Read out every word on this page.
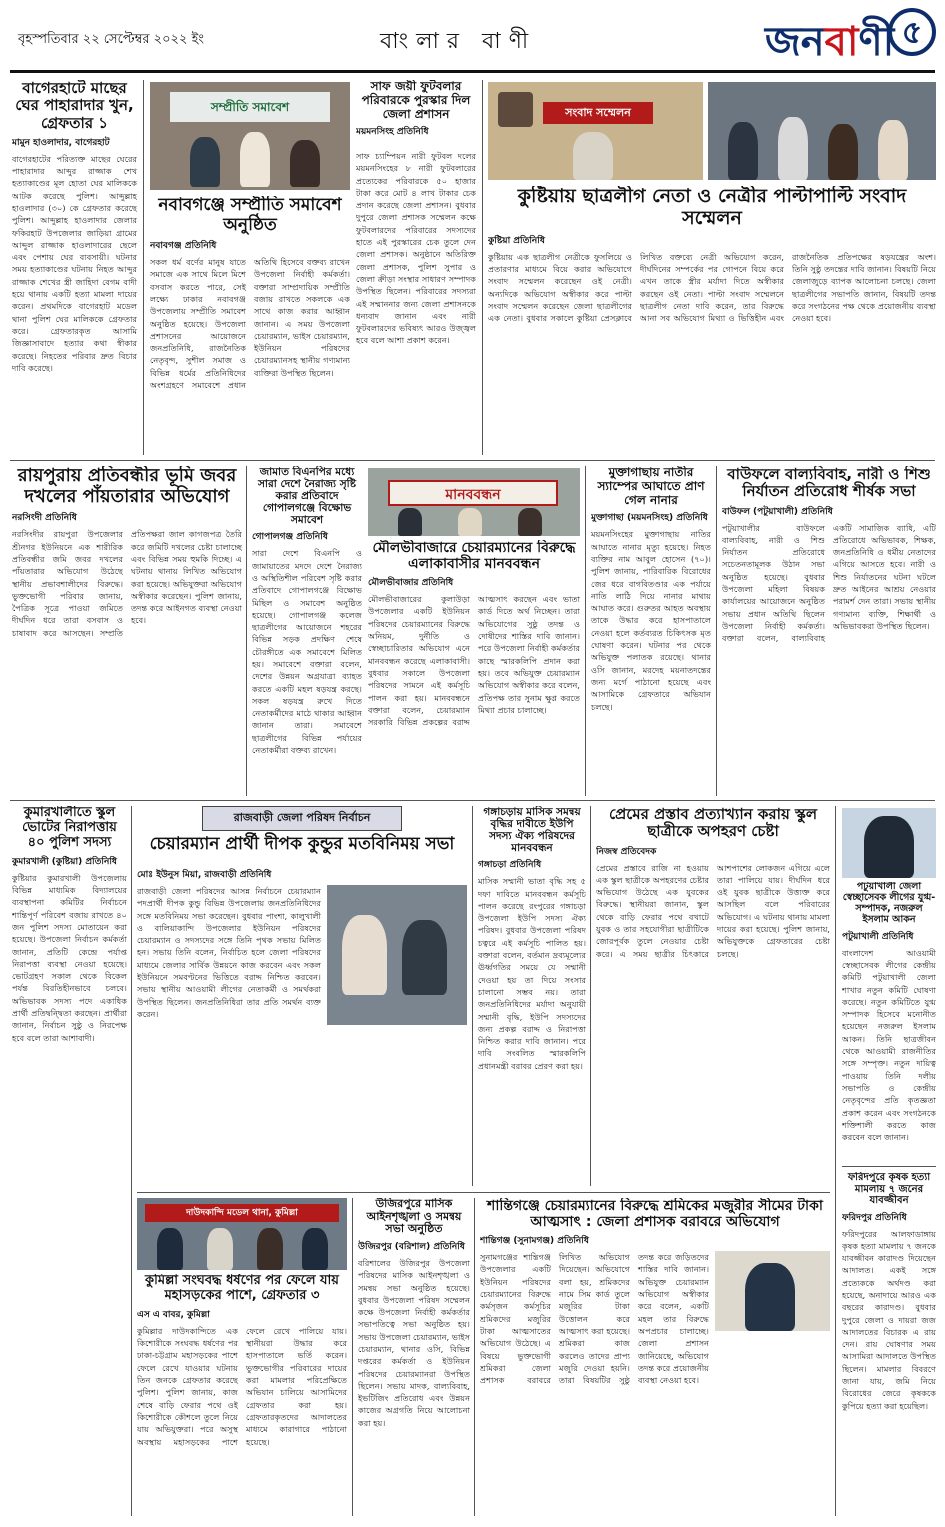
বৃহস্পতিবার ২২ সেপ্টেম্বর ২০২২ ইং	বাংলার বাণী	জনবাণী ৫
বাগেরহাটে মাছের ঘের পাহারাদার খুন, গ্রেফতার ১
মামুন হাওলাদার, বাগেরহাট
বাগেরহাটের পরিত্যক্ত মাছের ঘেরের পাহারাদার আব্দুর রাজ্জাক শেখ হত্যাকাণ্ডের মূল হোতা ঘের মালিককে আটক করেছে পুলিশ। আব্দুল্লাহ হাওলাদার (৩০) কে গ্রেফতার করেছে পুলিশ। আব্দুল্লাহ হাওলাদার জেলার ফকিরহাট উপজেলার জাড়িয়া গ্রামের আব্দুল রাজ্জাক হাওলাদারের ছেলে এবং পেশায় ঘের ব্যবসায়ী। ঘটনার সময় হত্যাকাণ্ডের ঘটনায় নিহত আব্দুর রাজ্জাক শেখের স্ত্রী জাহিদা বেগম বাদী হয়ে থানায় একটি হত্যা মামলা দায়ের করেন। প্রথমদিকে বাগেরহাট মডেল থানা পুলিশ ঘের মালিককে গ্রেফতার করে। গ্রেফতারকৃত আসামি জিজ্ঞাসাবাদে হত্যার কথা স্বীকার করেছে। নিহতের পরিবার দ্রুত বিচার দাবি করেছে।
সম্প্রীতি সমাবেশ
সাফ জয়ী ফুটবলার পরিবারকে পুরস্কার দিল জেলা প্রশাসন
ময়মনসিংহ প্রতিনিধি
সাফ চ্যাম্পিয়ন নারী ফুটবল দলের ময়মনসিংহের ৮ নারী ফুটবলারের প্রত্যেকের পরিবারকে ৫০ হাজার টাকা করে মোট ৪ লাখ টাকার চেক প্রদান করেছে জেলা প্রশাসন। বুধবার দুপুরে জেলা প্রশাসক সম্মেলন কক্ষে ফুটবলারদের পরিবারের সদস্যদের হাতে এই পুরস্কারের চেক তুলে দেন জেলা প্রশাসক। অনুষ্ঠানে অতিরিক্ত জেলা প্রশাসক, পুলিশ সুপার ও জেলা ক্রীড়া সংস্থার সাধারণ সম্পাদক উপস্থিত ছিলেন। পরিবারের সদস্যরা এই সম্মাননার জন্য জেলা প্রশাসনকে ধন্যবাদ জানান এবং নারী ফুটবলারদের ভবিষ্যৎ আরও উজ্জ্বল হবে বলে আশা প্রকাশ করেন।
নবাবগঞ্জে সম্প্রীতি সমাবেশ অনুষ্ঠিত
নবাবগঞ্জ প্রতিনিধি
সকল ধর্ম বর্ণের মানুষ যাতে সমাজে এক সাথে মিলে মিশে বসবাস করতে পারে, সেই লক্ষ্যে ঢাকার নবাবগঞ্জ উপজেলায় সম্প্রীতি সমাবেশ অনুষ্ঠিত হয়েছে। উপজেলা প্রশাসনের আয়োজনে জনপ্রতিনিধি, রাজনৈতিক নেতৃবৃন্দ, সুশীল সমাজ ও বিভিন্ন ধর্মের প্রতিনিধিদের অংশগ্রহণে সমাবেশে প্রধান অতিথি হিসেবে বক্তব্য রাখেন উপজেলা নির্বাহী কর্মকর্তা। বক্তারা সাম্প্রদায়িক সম্প্রীতি বজায় রাখতে সকলকে এক সাথে কাজ করার আহ্বান জানান। এ সময় উপজেলা চেয়ারম্যান, ভাইস চেয়ারম্যান, ইউনিয়ন পরিষদের চেয়ারম্যানসহ স্থানীয় গণ্যমান্য ব্যক্তিরা উপস্থিত ছিলেন।
সংবাদ সম্মেলন
কুষ্টিয়ায় ছাত্রলীগ নেতা ও নেত্রীর পাল্টাপাল্টি সংবাদ সম্মেলন
কুষ্টিয়া প্রতিনিধি
কুষ্টিয়ায় এক ছাত্রলীগ নেত্রীকে ফুসলিয়ে ও প্রতারণার মাধ্যমে বিয়ে করার অভিযোগে সংবাদ সম্মেলন করেছেন ওই নেত্রী। অন্যদিকে অভিযোগ অস্বীকার করে পাল্টা সংবাদ সম্মেলন করেছেন জেলা ছাত্রলীগের এক নেতা। বুধবার সকালে কুষ্টিয়া প্রেসক্লাবে লিখিত বক্তব্যে নেত্রী অভিযোগ করেন, দীর্ঘদিনের সম্পর্কের পর গোপনে বিয়ে করে এখন তাকে স্ত্রীর মর্যাদা দিতে অস্বীকার করছেন ওই নেতা। পাল্টা সংবাদ সম্মেলনে ছাত্রলীগ নেতা দাবি করেন, তার বিরুদ্ধে আনা সব অভিযোগ মিথ্যা ও ভিত্তিহীন এবং রাজনৈতিক প্রতিপক্ষের ষড়যন্ত্রের অংশ। তিনি সুষ্ঠু তদন্তের দাবি জানান। বিষয়টি নিয়ে জেলাজুড়ে ব্যাপক আলোচনা চলছে। জেলা ছাত্রলীগের সভাপতি জানান, বিষয়টি তদন্ত করে সংগঠনের পক্ষ থেকে প্রয়োজনীয় ব্যবস্থা নেওয়া হবে।
রায়পুরায় প্রতিবন্ধীর ভূমি জবর দখলের পাঁয়তারার অভিযোগ
নরসিংদী প্রতিনিধি
নরসিংদীর রায়পুরা উপজেলার শ্রীনগর ইউনিয়নে এক শারীরিক প্রতিবন্ধীর জমি জবর দখলের পাঁয়তারার অভিযোগ উঠেছে স্থানীয় প্রভাবশালীদের বিরুদ্ধে। ভুক্তভোগী পরিবার জানায়, পৈত্রিক সূত্রে পাওয়া জমিতে দীর্ঘদিন ধরে তারা বসবাস ও চাষাবাদ করে আসছেন। সম্প্রতি প্রতিপক্ষরা জাল কাগজপত্র তৈরি করে জমিটি দখলের চেষ্টা চালাচ্ছে এবং বিভিন্ন সময় হুমকি দিচ্ছে। এ ঘটনায় থানায় লিখিত অভিযোগ করা হয়েছে। অভিযুক্তরা অভিযোগ অস্বীকার করেছেন। পুলিশ জানায়, তদন্ত করে আইনগত ব্যবস্থা নেওয়া হবে।
জামাত বিএনপির মধ্যে সারা দেশে নৈরাজ্য সৃষ্টি করার প্রতিবাদে গোপালগঞ্জে বিক্ষোভ সমাবেশ
গোপালগঞ্জ প্রতিনিধি
সারা দেশে বিএনপি ও জামায়াতের মদদে দেশে নৈরাজ্য ও অস্থিতিশীল পরিবেশ সৃষ্টি করার প্রতিবাদে গোপালগঞ্জে বিক্ষোভ মিছিল ও সমাবেশ অনুষ্ঠিত হয়েছে। গোপালগঞ্জ কলেজ ছাত্রলীগের আয়োজনে শহরের বিভিন্ন সড়ক প্রদক্ষিণ শেষে চৌরঙ্গীতে এক সমাবেশে মিলিত হয়। সমাবেশে বক্তারা বলেন, দেশের উন্নয়ন অগ্রযাত্রা ব্যাহত করতে একটি মহল ষড়যন্ত্র করছে। সকল ষড়যন্ত্র রুখে দিতে নেতাকর্মীদের মাঠে থাকার আহ্বান জানান তারা। সমাবেশে ছাত্রলীগের বিভিন্ন পর্যায়ের নেতাকর্মীরা বক্তব্য রাখেন।
মানববন্ধন
মৌলভীবাজারে চেয়ারম্যানের বিরুদ্ধে এলাকাবাসীর মানববন্ধন
মৌলভীবাজার প্রতিনিধি
মৌলভীবাজারের কুলাউড়া উপজেলার একটি ইউনিয়ন পরিষদের চেয়ারম্যানের বিরুদ্ধে অনিয়ম, দুর্নীতি ও স্বেচ্ছাচারিতার অভিযোগ এনে মানববন্ধন করেছে এলাকাবাসী। বুধবার সকালে উপজেলা পরিষদের সামনে এই কর্মসূচি পালন করা হয়। মানববন্ধনে বক্তারা বলেন, চেয়ারম্যান সরকারি বিভিন্ন প্রকল্পের বরাদ্দ আত্মসাৎ করছেন এবং ভাতা কার্ড দিতে অর্থ নিচ্ছেন। তারা অভিযোগের সুষ্ঠু তদন্ত ও দোষীদের শাস্তির দাবি জানান। পরে উপজেলা নির্বাহী কর্মকর্তার কাছে স্মারকলিপি প্রদান করা হয়। তবে অভিযুক্ত চেয়ারম্যান অভিযোগ অস্বীকার করে বলেন, প্রতিপক্ষ তার সুনাম ক্ষুণ্ণ করতে মিথ্যা প্রচার চালাচ্ছে।
মুক্তাগাছায় নাতীর স্যাম্পের আঘাতে প্রাণ গেল নানার
মুক্তাগাছা (ময়মনসিংহ) প্রতিনিধি
ময়মনসিংহের মুক্তাগাছায় নাতির আঘাতে নানার মৃত্যু হয়েছে। নিহত ব্যক্তির নাম আবুল হোসেন (৭০)। পুলিশ জানায়, পারিবারিক বিরোধের জের ধরে বাগবিতণ্ডার এক পর্যায়ে নাতি লাঠি দিয়ে নানার মাথায় আঘাত করে। গুরুতর আহত অবস্থায় তাকে উদ্ধার করে হাসপাতালে নেওয়া হলে কর্তব্যরত চিকিৎসক মৃত ঘোষণা করেন। ঘটনার পর থেকে অভিযুক্ত পলাতক রয়েছে। থানার ওসি জানান, মরদেহ ময়নাতদন্তের জন্য মর্গে পাঠানো হয়েছে এবং আসামিকে গ্রেফতারে অভিযান চলছে।
বাউফলে বাল্যবিবাহ, নারী ও শিশু নির্যাতন প্রতিরোধ শীর্ষক সভা
বাউফল (পটুয়াখালী) প্রতিনিধি
পটুয়াখালীর বাউফলে বাল্যবিবাহ, নারী ও শিশু নির্যাতন প্রতিরোধে সচেতনতামূলক উঠান সভা অনুষ্ঠিত হয়েছে। বুধবার উপজেলা মহিলা বিষয়ক কার্যালয়ের আয়োজনে অনুষ্ঠিত সভায় প্রধান অতিথি ছিলেন উপজেলা নির্বাহী কর্মকর্তা। বক্তারা বলেন, বাল্যবিবাহ একটি সামাজিক ব্যাধি, এটি প্রতিরোধে অভিভাবক, শিক্ষক, জনপ্রতিনিধি ও ধর্মীয় নেতাদের এগিয়ে আসতে হবে। নারী ও শিশু নির্যাতনের ঘটনা ঘটলে দ্রুত আইনের আশ্রয় নেওয়ার পরামর্শ দেন তারা। সভায় স্থানীয় গণ্যমান্য ব্যক্তি, শিক্ষার্থী ও অভিভাবকরা উপস্থিত ছিলেন।
কুমারখালীতে স্কুল ভোটের নিরাপত্তায় ৪০ পুলিশ সদস্য
কুমারখালী (কুষ্টিয়া) প্রতিনিধি
কুষ্টিয়ার কুমারখালী উপজেলায় বিভিন্ন মাধ্যমিক বিদ্যালয়ের ব্যবস্থাপনা কমিটির নির্বাচনে শান্তিপূর্ণ পরিবেশ বজায় রাখতে ৪০ জন পুলিশ সদস্য মোতায়েন করা হয়েছে। উপজেলা নির্বাচন কর্মকর্তা জানান, প্রতিটি কেন্দ্রে পর্যাপ্ত নিরাপত্তা ব্যবস্থা নেওয়া হয়েছে। ভোটগ্রহণ সকাল থেকে বিকেল পর্যন্ত বিরতিহীনভাবে চলবে। অভিভাবক সদস্য পদে একাধিক প্রার্থী প্রতিদ্বন্দ্বিতা করছেন। প্রার্থীরা জানান, নির্বাচন সুষ্ঠু ও নিরপেক্ষ হবে বলে তারা আশাবাদী।
রাজবাড়ী জেলা পরিষদ নির্বাচন
চেয়ারম্যান প্রার্থী দীপক কুন্ডুর মতবিনিময় সভা
মোঃ ইউনুস মিয়া, রাজবাড়ী প্রতিনিধি
রাজবাড়ী জেলা পরিষদের আসন্ন নির্বাচনে চেয়ারম্যান পদপ্রার্থী দীপক কুন্ডু বিভিন্ন উপজেলায় জনপ্রতিনিধিদের সঙ্গে মতবিনিময় সভা করেছেন। বুধবার পাংশা, কালুখালী ও বালিয়াকান্দি উপজেলার ইউনিয়ন পরিষদের চেয়ারম্যান ও সদস্যদের সঙ্গে তিনি পৃথক সভায় মিলিত হন। সভায় তিনি বলেন, নির্বাচিত হলে জেলা পরিষদের মাধ্যমে জেলার সার্বিক উন্নয়নে কাজ করবেন এবং সকল ইউনিয়নে সমবণ্টনের ভিত্তিতে বরাদ্দ নিশ্চিত করবেন। সভায় স্থানীয় আওয়ামী লীগের নেতাকর্মী ও সমর্থকরা উপস্থিত ছিলেন। জনপ্রতিনিধিরা তার প্রতি সমর্থন ব্যক্ত করেন।
গঙ্গাচড়ায় মাসিক সমন্বয় বৃদ্ধির দাবীতে ইউপি সদস্য ঐক্য পরিষদের মানববন্ধন
গঙ্গাচড়া প্রতিনিধি
মাসিক সম্মানী ভাতা বৃদ্ধি সহ ৫ দফা দাবিতে মানববন্ধন কর্মসূচি পালন করেছে রংপুরের গঙ্গাচড়া উপজেলা ইউপি সদস্য ঐক্য পরিষদ। বুধবার উপজেলা পরিষদ চত্বরে এই কর্মসূচি পালিত হয়। বক্তারা বলেন, বর্তমান দ্রব্যমূল্যের ঊর্ধ্বগতির সময়ে যে সম্মানী দেওয়া হয় তা দিয়ে সংসার চালানো সম্ভব নয়। তারা জনপ্রতিনিধিদের মর্যাদা অনুযায়ী সম্মানী বৃদ্ধি, ইউপি সদস্যদের জন্য প্রকল্প বরাদ্দ ও নিরাপত্তা নিশ্চিত করার দাবি জানান। পরে দাবি সংবলিত স্মারকলিপি প্রধানমন্ত্রী বরাবর প্রেরণ করা হয়।
প্রেমের প্রস্তাব প্রত্যাখ্যান করায় স্কুল ছাত্রীকে অপহরণ চেষ্টা
নিজস্ব প্রতিবেদক
প্রেমের প্রস্তাবে রাজি না হওয়ায় এক স্কুল ছাত্রীকে অপহরণের চেষ্টার অভিযোগ উঠেছে এক যুবকের বিরুদ্ধে। স্থানীয়রা জানান, স্কুল থেকে বাড়ি ফেরার পথে বখাটে যুবক ও তার সহযোগীরা ছাত্রীটিকে জোরপূর্বক তুলে নেওয়ার চেষ্টা করে। এ সময় ছাত্রীর চিৎকারে আশপাশের লোকজন এগিয়ে এলে তারা পালিয়ে যায়। দীর্ঘদিন ধরে ওই যুবক ছাত্রীকে উত্ত্যক্ত করে আসছিল বলে পরিবারের অভিযোগ। এ ঘটনায় থানায় মামলা দায়ের করা হয়েছে। পুলিশ জানায়, অভিযুক্তকে গ্রেফতারের চেষ্টা চলছে।
পটুয়াখালী জেলা স্বেচ্ছাসেবক লীগের যুগ্ম-সম্পাদক, নজরুল ইসলাম আকন
পটুয়াখালী প্রতিনিধি
বাংলাদেশ আওয়ামী স্বেচ্ছাসেবক লীগের কেন্দ্রীয় কমিটি পটুয়াখালী জেলা শাখার নতুন কমিটি ঘোষণা করেছে। নতুন কমিটিতে যুগ্ম সম্পাদক হিসেবে মনোনীত হয়েছেন নজরুল ইসলাম আকন। তিনি ছাত্রজীবন থেকে আওয়ামী রাজনীতির সঙ্গে সম্পৃক্ত। নতুন দায়িত্ব পাওয়ায় তিনি দলীয় সভাপতি ও কেন্দ্রীয় নেতৃবৃন্দের প্রতি কৃতজ্ঞতা প্রকাশ করেন এবং সংগঠনকে শক্তিশালী করতে কাজ করবেন বলে জানান।
ফরিদপুরে কৃষক হত্যা মামলায় ৭ জনের যাবজ্জীবন
ফরিদপুর প্রতিনিধি
ফরিদপুরের আলফাডাঙ্গায় কৃষক হত্যা মামলায় ৭ জনকে যাবজ্জীবন কারাদণ্ড দিয়েছেন আদালত। একই সঙ্গে প্রত্যেককে অর্থদণ্ড করা হয়েছে, অনাদায়ে আরও এক বছরের কারাদণ্ড। বুধবার দুপুরে জেলা ও দায়রা জজ আদালতের বিচারক এ রায় দেন। রায় ঘোষণার সময় আসামিরা আদালতে উপস্থিত ছিলেন। মামলার বিবরণে জানা যায়, জমি নিয়ে বিরোধের জেরে কৃষককে কুপিয়ে হত্যা করা হয়েছিল।
দাউদকান্দি মডেল থানা, কুমিল্লা
কুমিল্লা সংঘবদ্ধ ধর্ষণের পর ফেলে যায় মহাসড়কের পাশে, গ্রেফতার ৩
এস এ বাবর, কুমিল্লা
কুমিল্লার দাউদকান্দিতে এক কিশোরীকে সংঘবদ্ধ ধর্ষণের পর ঢাকা-চট্টগ্রাম মহাসড়কের পাশে ফেলে রেখে যাওয়ার ঘটনায় তিন জনকে গ্রেফতার করেছে পুলিশ। পুলিশ জানায়, কাজ শেষে বাড়ি ফেরার পথে ওই কিশোরীকে কৌশলে তুলে নিয়ে যায় অভিযুক্তরা। পরে অসুস্থ অবস্থায় মহাসড়কের পাশে ফেলে রেখে পালিয়ে যায়। স্থানীয়রা উদ্ধার করে হাসপাতালে ভর্তি করেন। ভুক্তভোগীর পরিবারের দায়ের করা মামলার পরিপ্রেক্ষিতে অভিযান চালিয়ে আসামিদের গ্রেফতার করা হয়। গ্রেফতারকৃতদের আদালতের মাধ্যমে কারাগারে পাঠানো হয়েছে।
উজিরপুরে মাসিক আইনশৃঙ্খলা ও সমন্বয় সভা অনুষ্ঠিত
উজিরপুর (বরিশাল) প্রতিনিধি
বরিশালের উজিরপুর উপজেলা পরিষদের মাসিক আইনশৃঙ্খলা ও সমন্বয় সভা অনুষ্ঠিত হয়েছে। বুধবার উপজেলা পরিষদ সম্মেলন কক্ষে উপজেলা নির্বাহী কর্মকর্তার সভাপতিত্বে সভা অনুষ্ঠিত হয়। সভায় উপজেলা চেয়ারম্যান, ভাইস চেয়ারম্যান, থানার ওসি, বিভিন্ন দপ্তরের কর্মকর্তা ও ইউনিয়ন পরিষদের চেয়ারম্যানরা উপস্থিত ছিলেন। সভায় মাদক, বাল্যবিবাহ, ইভটিজিং প্রতিরোধ এবং উন্নয়ন কাজের অগ্রগতি নিয়ে আলোচনা করা হয়।
শান্তিগঞ্জে চেয়ারম্যানের বিরুদ্ধে শ্রমিকের মজুরীর সীমের টাকা আত্মসাৎ : জেলা প্রশাসক বরাবরে অভিযোগ
শান্তিগঞ্জ (সুনামগঞ্জ) প্রতিনিধি
সুনামগঞ্জের শান্তিগঞ্জ উপজেলার একটি ইউনিয়ন পরিষদের চেয়ারম্যানের বিরুদ্ধে কর্মসৃজন কর্মসূচির শ্রমিকদের মজুরির টাকা আত্মসাতের অভিযোগ উঠেছে। এ বিষয়ে ভুক্তভোগী শ্রমিকরা জেলা প্রশাসক বরাবরে লিখিত অভিযোগ দিয়েছেন। অভিযোগে বলা হয়, শ্রমিকদের নামে সিম কার্ড তুলে মজুরির টাকা উত্তোলন করে আত্মসাৎ করা হয়েছে। শ্রমিকরা কাজ করলেও তাদের প্রাপ্য মজুরি দেওয়া হয়নি। তারা বিষয়টির সুষ্ঠু তদন্ত করে জড়িতদের শাস্তির দাবি জানান। অভিযুক্ত চেয়ারম্যান অভিযোগ অস্বীকার করে বলেন, একটি মহল তার বিরুদ্ধে অপপ্রচার চালাচ্ছে। জেলা প্রশাসন জানিয়েছে, অভিযোগ তদন্ত করে প্রয়োজনীয় ব্যবস্থা নেওয়া হবে।
